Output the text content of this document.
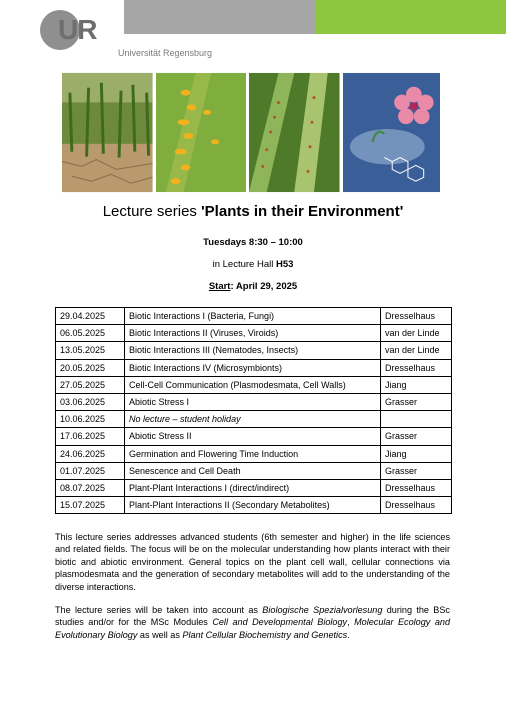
UR
Universität Regensburg
Lecture series 'Plants in their Environment'
Tuesdays 8:30 – 10:00
in Lecture Hall H53
Start: April 29, 2025
29.04.2025	Biotic Interactions I (Bacteria, Fungi)	Dresselhaus
06.05.2025	Biotic Interactions II (Viruses, Viroids)	van der Linde
13.05.2025	Biotic Interactions III (Nematodes, Insects)	van der Linde
20.05.2025	Biotic Interactions IV (Microsymbionts)	Dresselhaus
27.05.2025	Cell-Cell Communication (Plasmodesmata, Cell Walls)	Jiang
03.06.2025	Abiotic Stress I	Grasser
10.06.2025	No lecture – student holiday	
17.06.2025	Abiotic Stress II	Grasser
24.06.2025	Germination and Flowering Time Induction	Jiang
01.07.2025	Senescence and Cell Death	Grasser
08.07.2025	Plant-Plant Interactions I (direct/indirect)	Dresselhaus
15.07.2025	Plant-Plant Interactions II (Secondary Metabolites)	Dresselhaus

This lecture series addresses advanced students (6th semester and higher) in the life sciences and related fields. The focus will be on the molecular understanding how plants interact with their biotic and abiotic environment. General topics on the plant cell wall, cellular connections via plasmodesmata and the generation of secondary metabolites will add to the understanding of the diverse interactions.

The lecture series will be taken into account as Biologische Spezialvorlesung during the BSc studies and/or for the MSc Modules Cell and Developmental Biology, Molecular Ecology and Evolutionary Biology as well as Plant Cellular Biochemistry and Genetics.
